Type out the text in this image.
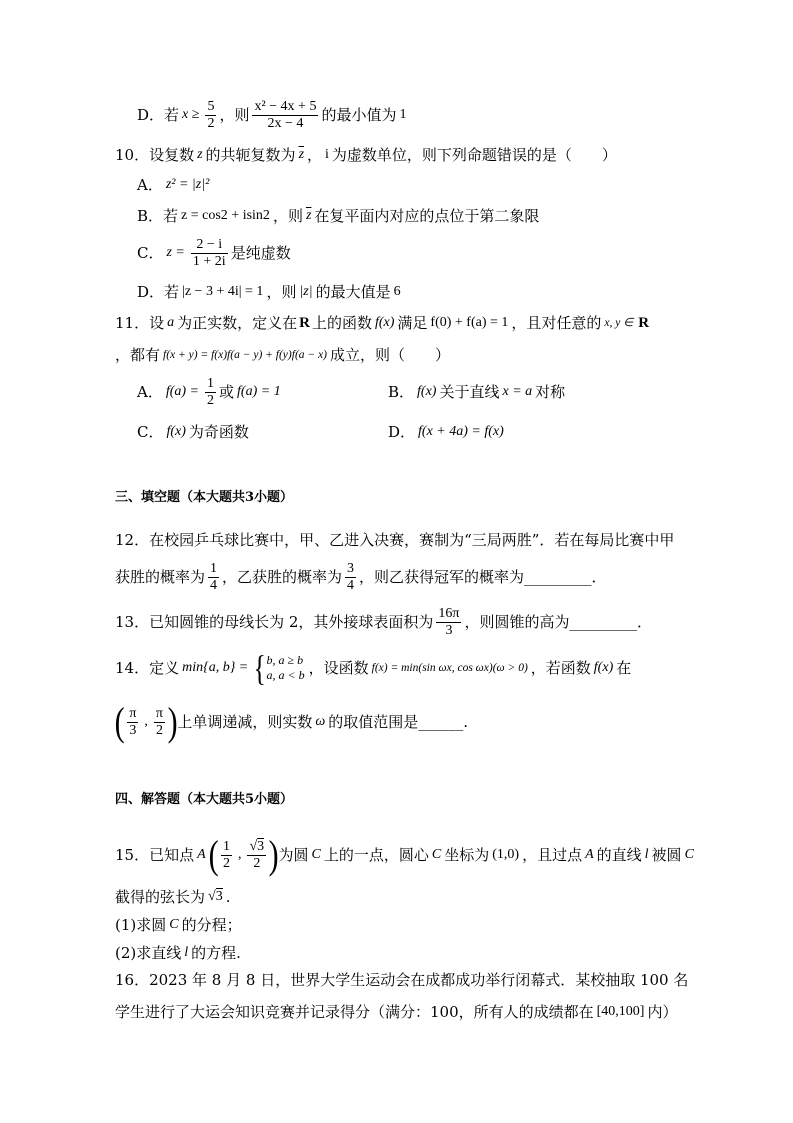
D．若 $x \ge \frac{5}{2}$ ，则 $\frac{\text{x² − 4x + 5}}{2x - 4}$ 的最小值为 1
10．设复数 z 的共轭复数为 $\overline{z}$ ， i 为虚数单位，则下列命题错误的是（　　）
A． z² = |z|²
B．若 z = cos2 + isin2 ，则 $\overline{z}$ 在复平面内对应的点位于第二象限
C． $z = \frac{2 - i}{1 + 2i}$ 是纯虚数
D．若 |z − 3 + 4i| = 1 ，则 |z| 的最大值是 6
11．设 a 为正实数，定义在 R 上的函数 f(x) 满足 f(0) + f(a) = 1 ，且对任意的 x, y ∈ R
，都有 f(x + y) = f(x)f(a − y) + f(y)f(a − x) 成立，则（　　）
A． $f(a) = \frac{1}{2}$ 或 f(a) = 1	B． f(x) 关于直线 x = a 对称
C． f(x) 为奇函数	D． f(x + 4a) = f(x)
三、填空题（本大题共3小题）
12．在校园乒乓球比赛中，甲、乙进入决赛，赛制为“三局两胜”．若在每局比赛中甲
获胜的概率为 $\frac{1}{4}$ ，乙获胜的概率为 $\frac{3}{4}$ ，则乙获得冠军的概率为 _________ ．
13．已知圆锥的母线长为 2，其外接球表面积为 $\frac{16\pi}{3}$ ，则圆锥的高为 _________ ．
14．定义 min{a, b} = { b, a ≥ b
a, a < b ，设函数 f(x) = min(sin ωx, cos ωx)(ω > 0) ，若函数 f(x) 在
( $\frac{\pi}{3}$ , $\frac{\pi}{2}$ ) 上单调递减，则实数 ω 的取值范围是 ______ .
四、解答题（本大题共5小题）
15．已知点 A ( $\frac{1}{2}$ , $\frac{√3}{2}$ ) 为圆 C 上的一点，圆心 C 坐标为 (1,0) ，且过点 A 的直线 l 被圆 C
截得的弦长为 √3 .
(1)求圆 C 的分程；
(2)求直线 l 的方程.
16．2023 年 8 月 8 日，世界大学生运动会在成都成功举行闭幕式．某校抽取 100 名
学生进行了大运会知识竞赛并记录得分（满分：100，所有人的成绩都在 [40,100] 内）
